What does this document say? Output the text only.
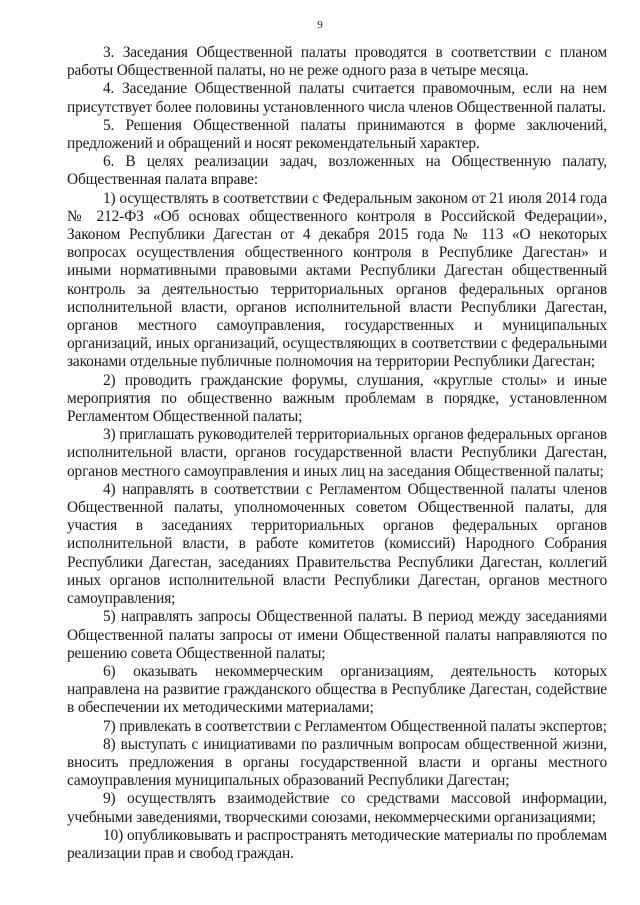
9

3. Заседания Общественной палаты проводятся в соответствии с планом работы Общественной палаты, но не реже одного раза в четыре месяца.

4. Заседание Общественной палаты считается правомочным, если на нем присутствует более половины установленного числа членов Общественной палаты.

5. Решения Общественной палаты принимаются в форме заключений, предложений и обращений и носят рекомендательный характер.

6. В целях реализации задач, возложенных на Общественную палату, Общественная палата вправе:

1) осуществлять в соответствии с Федеральным законом от 21 июля 2014 года № 212-ФЗ «Об основах общественного контроля в Российской Федерации», Законом Республики Дагестан от 4 декабря 2015 года № 113 «О некоторых вопросах осуществления общественного контроля в Республике Дагестан» и иными нормативными правовыми актами Республики Дагестан общественный контроль за деятельностью территориальных органов федеральных органов исполнительной власти, органов исполнительной власти Республики Дагестан, органов местного самоуправления, государственных и муниципальных организаций, иных организаций, осуществляющих в соответствии с федеральными законами отдельные публичные полномочия на территории Республики Дагестан;

2) проводить гражданские форумы, слушания, «круглые столы» и иные мероприятия по общественно важным проблемам в порядке, установленном Регламентом Общественной палаты;

3) приглашать руководителей территориальных органов федеральных органов исполнительной власти, органов государственной власти Республики Дагестан, органов местного самоуправления и иных лиц на заседания Общественной палаты;

4) направлять в соответствии с Регламентом Общественной палаты членов Общественной палаты, уполномоченных советом Общественной палаты, для участия в заседаниях территориальных органов федеральных органов исполнительной власти, в работе комитетов (комиссий) Народного Собрания Республики Дагестан, заседаниях Правительства Республики Дагестан, коллегий иных органов исполнительной власти Республики Дагестан, органов местного самоуправления;

5) направлять запросы Общественной палаты. В период между заседаниями Общественной палаты запросы от имени Общественной палаты направляются по решению совета Общественной палаты;

6) оказывать некоммерческим организациям, деятельность которых направлена на развитие гражданского общества в Республике Дагестан, содействие в обеспечении их методическими материалами;

7) привлекать в соответствии с Регламентом Общественной палаты экспертов;

8) выступать с инициативами по различным вопросам общественной жизни, вносить предложения в органы государственной власти и органы местного самоуправления муниципальных образований Республики Дагестан;

9) осуществлять взаимодействие со средствами массовой информации, учебными заведениями, творческими союзами, некоммерческими организациями;

10) опубликовывать и распространять методические материалы по проблемам реализации прав и свобод граждан.
